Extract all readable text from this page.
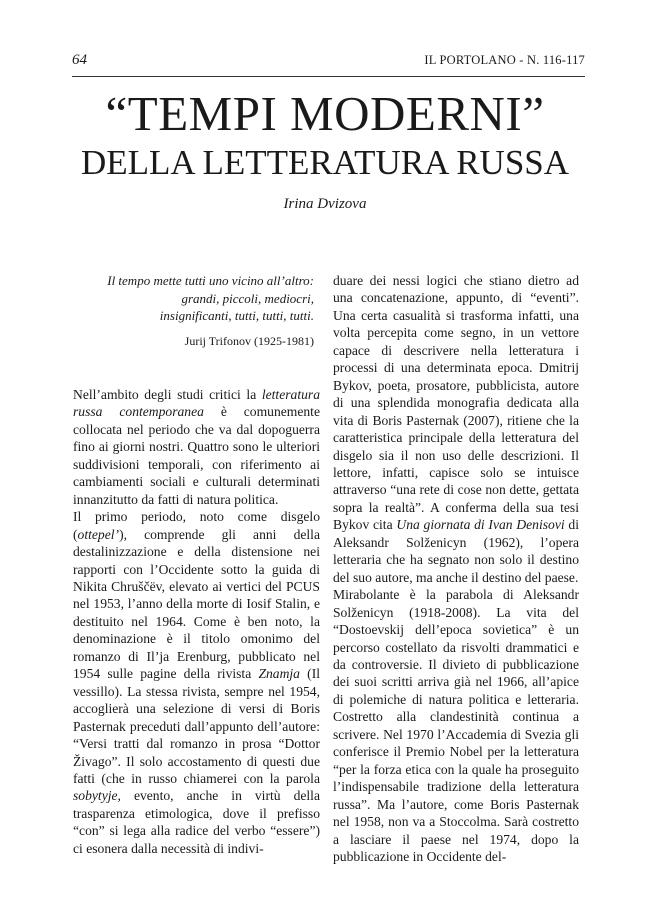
64	IL PORTOLANO - N. 116-117
“TEMPI MODERNI”
DELLA LETTERATURA RUSSA
Irina Dvizova
Il tempo mette tutti uno vicino all’altro:
grandi, piccoli, mediocri,
insignificanti, tutti, tutti, tutti.
Jurij Trifonov (1925-1981)

Nell’ambito degli studi critici la letteratura russa contemporanea è comunemente collocata nel periodo che va dal dopoguerra fino ai giorni nostri. Quattro sono le ulteriori suddivisioni temporali, con riferimento ai cambiamenti sociali e culturali determinati innanzitutto da fatti di natura politica.

Il primo periodo, noto come disgelo (ottepel’), comprende gli anni della destalinizzazione e della distensione nei rapporti con l’Occidente sotto la guida di Nikita Chruščëv, elevato ai vertici del PCUS nel 1953, l’anno della morte di Iosif Stalin, e destituito nel 1964. Come è ben noto, la denominazione è il titolo omonimo del romanzo di Il’ja Erenburg, pubblicato nel 1954 sulle pagine della rivista Znamja (Il vessillo). La stessa rivista, sempre nel 1954, accoglierà una selezione di versi di Boris Pasternak preceduti dall’appunto dell’autore: “Versi tratti dal romanzo in prosa “Dottor Živago”. Il solo accostamento di questi due fatti (che in russo chiamerei con la parola sobytyje, evento, anche in virtù della trasparenza etimologica, dove il prefisso “con” si lega alla radice del verbo “essere”) ci esonera dalla necessità di indivi-

duare dei nessi logici che stiano dietro ad una concatenazione, appunto, di “eventi”. Una certa casualità si trasforma infatti, una volta percepita come segno, in un vettore capace di descrivere nella letteratura i processi di una determinata epoca. Dmitrij Bykov, poeta, prosatore, pubblicista, autore di una splendida monografia dedicata alla vita di Boris Pasternak (2007), ritiene che la caratteristica principale della letteratura del disgelo sia il non uso delle descrizioni. Il lettore, infatti, capisce solo se intuisce attraverso “una rete di cose non dette, gettata sopra la realtà”. A conferma della sua tesi Bykov cita Una giornata di Ivan Denisovi di Aleksandr Solženicyn (1962), l’opera letteraria che ha segnato non solo il destino del suo autore, ma anche il destino del paese.

Mirabolante è la parabola di Aleksandr Solženicyn (1918-2008). La vita del “Dostoevskij dell’epoca sovietica” è un percorso costellato da risvolti drammatici e da controversie. Il divieto di pubblicazione dei suoi scritti arriva già nel 1966, all’apice di polemiche di natura politica e letteraria. Costretto alla clandestinità continua a scrivere. Nel 1970 l’Accademia di Svezia gli conferisce il Premio Nobel per la letteratura “per la forza etica con la quale ha proseguito l’indispensabile tradizione della letteratura russa”. Ma l’autore, come Boris Pasternak nel 1958, non va a Stoccolma. Sarà costretto a lasciare il paese nel 1974, dopo la pubblicazione in Occidente del-
